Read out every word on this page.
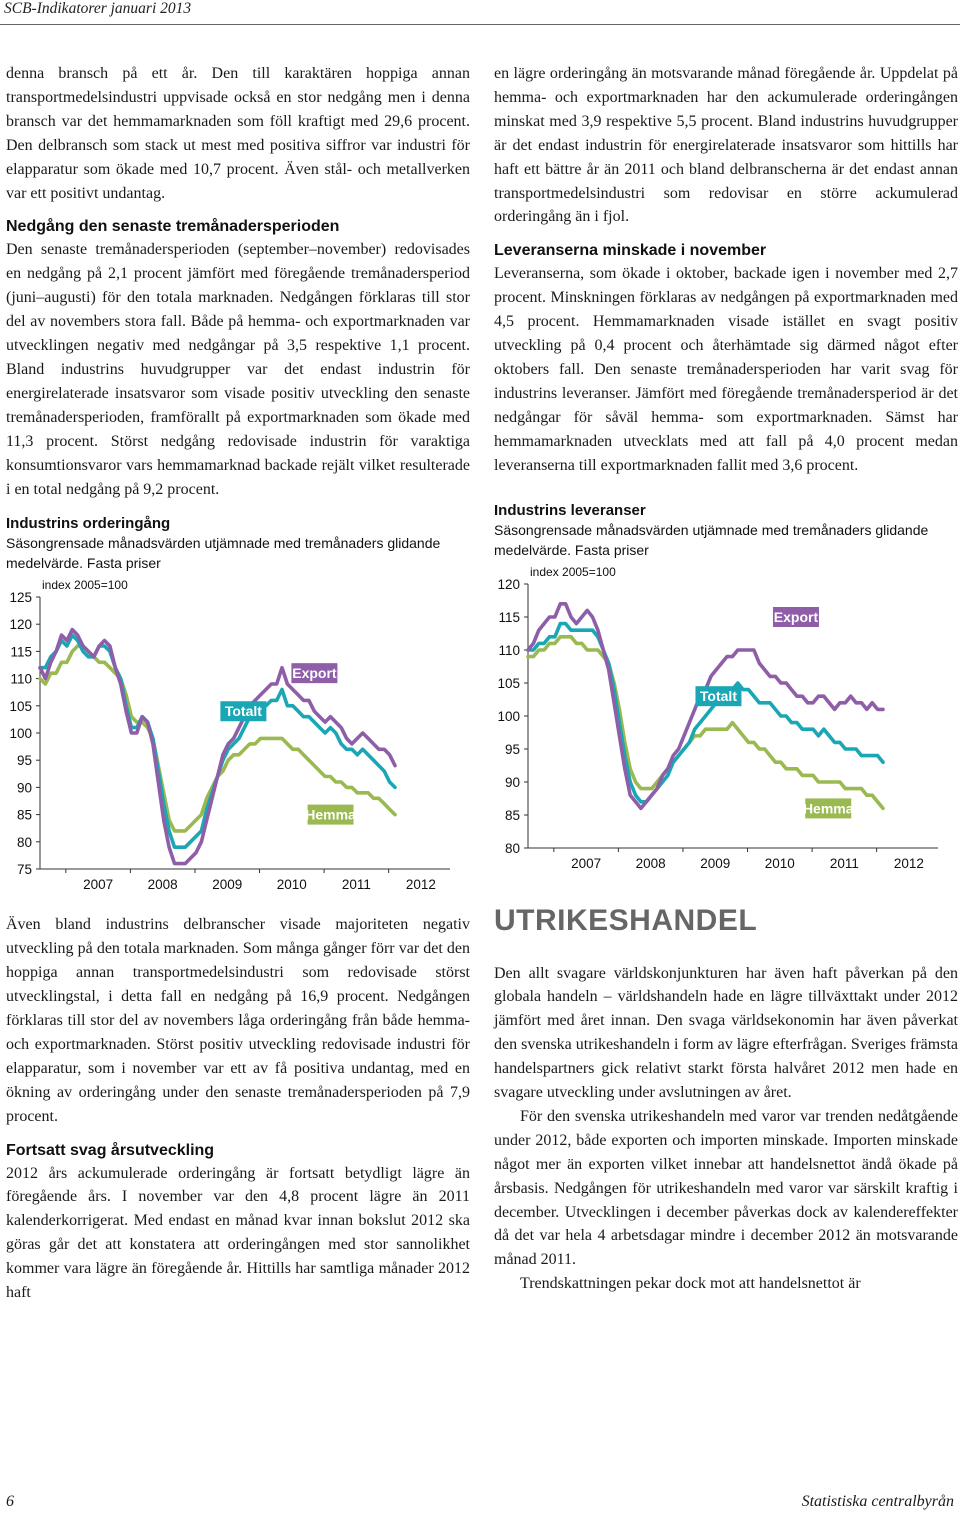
SCB-Indikatorer januari 2013

denna bransch på ett år. Den till karaktären hoppiga annan transportmedelsindustri uppvisade också en stor nedgång men i denna bransch var det hemmamarknaden som föll kraftigt med 29,6 procent. Den delbransch som stack ut mest med positiva siffror var industri för elapparatur som ökade med 10,7 procent. Även stål- och metallverken var ett positivt undantag.

Nedgång den senaste tremånadersperioden

Den senaste tremånadersperioden (september–november) redovisades en nedgång på 2,1 procent jämfört med föregående tremånadersperiod (juni–augusti) för den totala marknaden. Nedgången förklaras till stor del av novembers stora fall. Både på hemma- och exportmarknaden var utvecklingen negativ med nedgångar på 3,5 respektive 1,1 procent. Bland industrins huvudgrupper var det endast industrin för energirelaterade insatsvaror som visade positiv utveckling den senaste tremånadersperioden, framförallt på exportmarknaden som ökade med 11,3 procent. Störst nedgång redovisade industrin för varaktiga konsumtionsvaror vars hemmamarknad backade rejält vilket resulterade i en total nedgång på 9,2 procent.

Industrins orderingång
Säsongrensade månadsvärden utjämnade med tremånaders glidande medelvärde. Fasta priser
index 2005=100
125
120
115
110
105
100
95
90
85
80
75
2007	2008	2009	2010	2011	2012
Totalt
Export
Hemma

Även bland industrins delbranscher visade majoriteten negativ utveckling på den totala marknaden. Som många gånger förr var det den hoppiga annan transportmedelsindustri som redovisade störst utvecklingstal, i detta fall en nedgång på 16,9 procent. Nedgången förklaras till stor del av novembers låga orderingång från både hemma- och exportmarknaden. Störst positiv utveckling redovisade industri för elapparatur, som i november var ett av få positiva undantag, med en ökning av orderingång under den senaste tremånadersperioden på 7,9 procent.

Fortsatt svag årsutveckling

2012 års ackumulerade orderingång är fortsatt betydligt lägre än föregående års. I november var den 4,8 procent lägre än 2011 kalenderkorrigerat. Med endast en månad kvar innan bokslut 2012 ska göras går det att konstatera att orderingången med stor sannolikhet kommer vara lägre än föregående år. Hittills har samtliga månader 2012 haft

en lägre orderingång än motsvarande månad föregående år. Uppdelat på hemma- och exportmarknaden har den ackumulerade orderingången minskat med 3,9 respektive 5,5 procent. Bland industrins huvudgrupper är det endast industrin för energirelaterade insatsvaror som hittills har haft ett bättre år än 2011 och bland delbranscherna är det endast annan transportmedelsindustri som redovisar en större ackumulerad orderingång än i fjol.

Leveranserna minskade i november

Leveranserna, som ökade i oktober, backade igen i november med 2,7 procent. Minskningen förklaras av nedgången på exportmarknaden med 4,5 procent. Hemmamarknaden visade istället en svagt positiv utveckling på 0,4 procent och återhämtade sig därmed något efter oktobers fall. Den senaste tremånadersperioden har varit svag för industrins leveranser. Jämfört med föregående tremånadersperiod är det nedgångar för såväl hemma- som exportmarknaden. Sämst har hemmamarknaden utvecklats med att fall på 4,0 procent medan leveranserna till exportmarknaden fallit med 3,6 procent.

Industrins leveranser
Säsongrensade månadsvärden utjämnade med tremånaders glidande medelvärde. Fasta priser
index 2005=100
120
115
110
105
100
95
90
85
80
2007	2008	2009	2010	2011	2012
Totalt
Export
Hemma
UTRIKESHANDEL

Den allt svagare världskonjunkturen har även haft påverkan på den globala handeln – världshandeln hade en lägre tillväxttakt under 2012 jämfört med året innan. Den svaga världsekonomin har även påverkat den svenska utrikeshandeln i form av lägre efterfrågan. Sveriges främsta handelspartners gick relativt starkt första halvåret 2012 men hade en svagare utveckling under avslutningen av året.

För den svenska utrikeshandeln med varor var trenden nedåtgående under 2012, både exporten och importen minskade. Importen minskade något mer än exporten vilket innebar att handelsnettot ändå ökade på årsbasis. Nedgången för utrikeshandeln med varor var särskilt kraftig i december. Utvecklingen i december påverkas dock av kalendereffekter då det var hela 4 arbetsdagar mindre i december 2012 än motsvarande månad 2011.

Trendskattningen pekar dock mot att handelsnettot är

6	Statistiska centralbyrån
